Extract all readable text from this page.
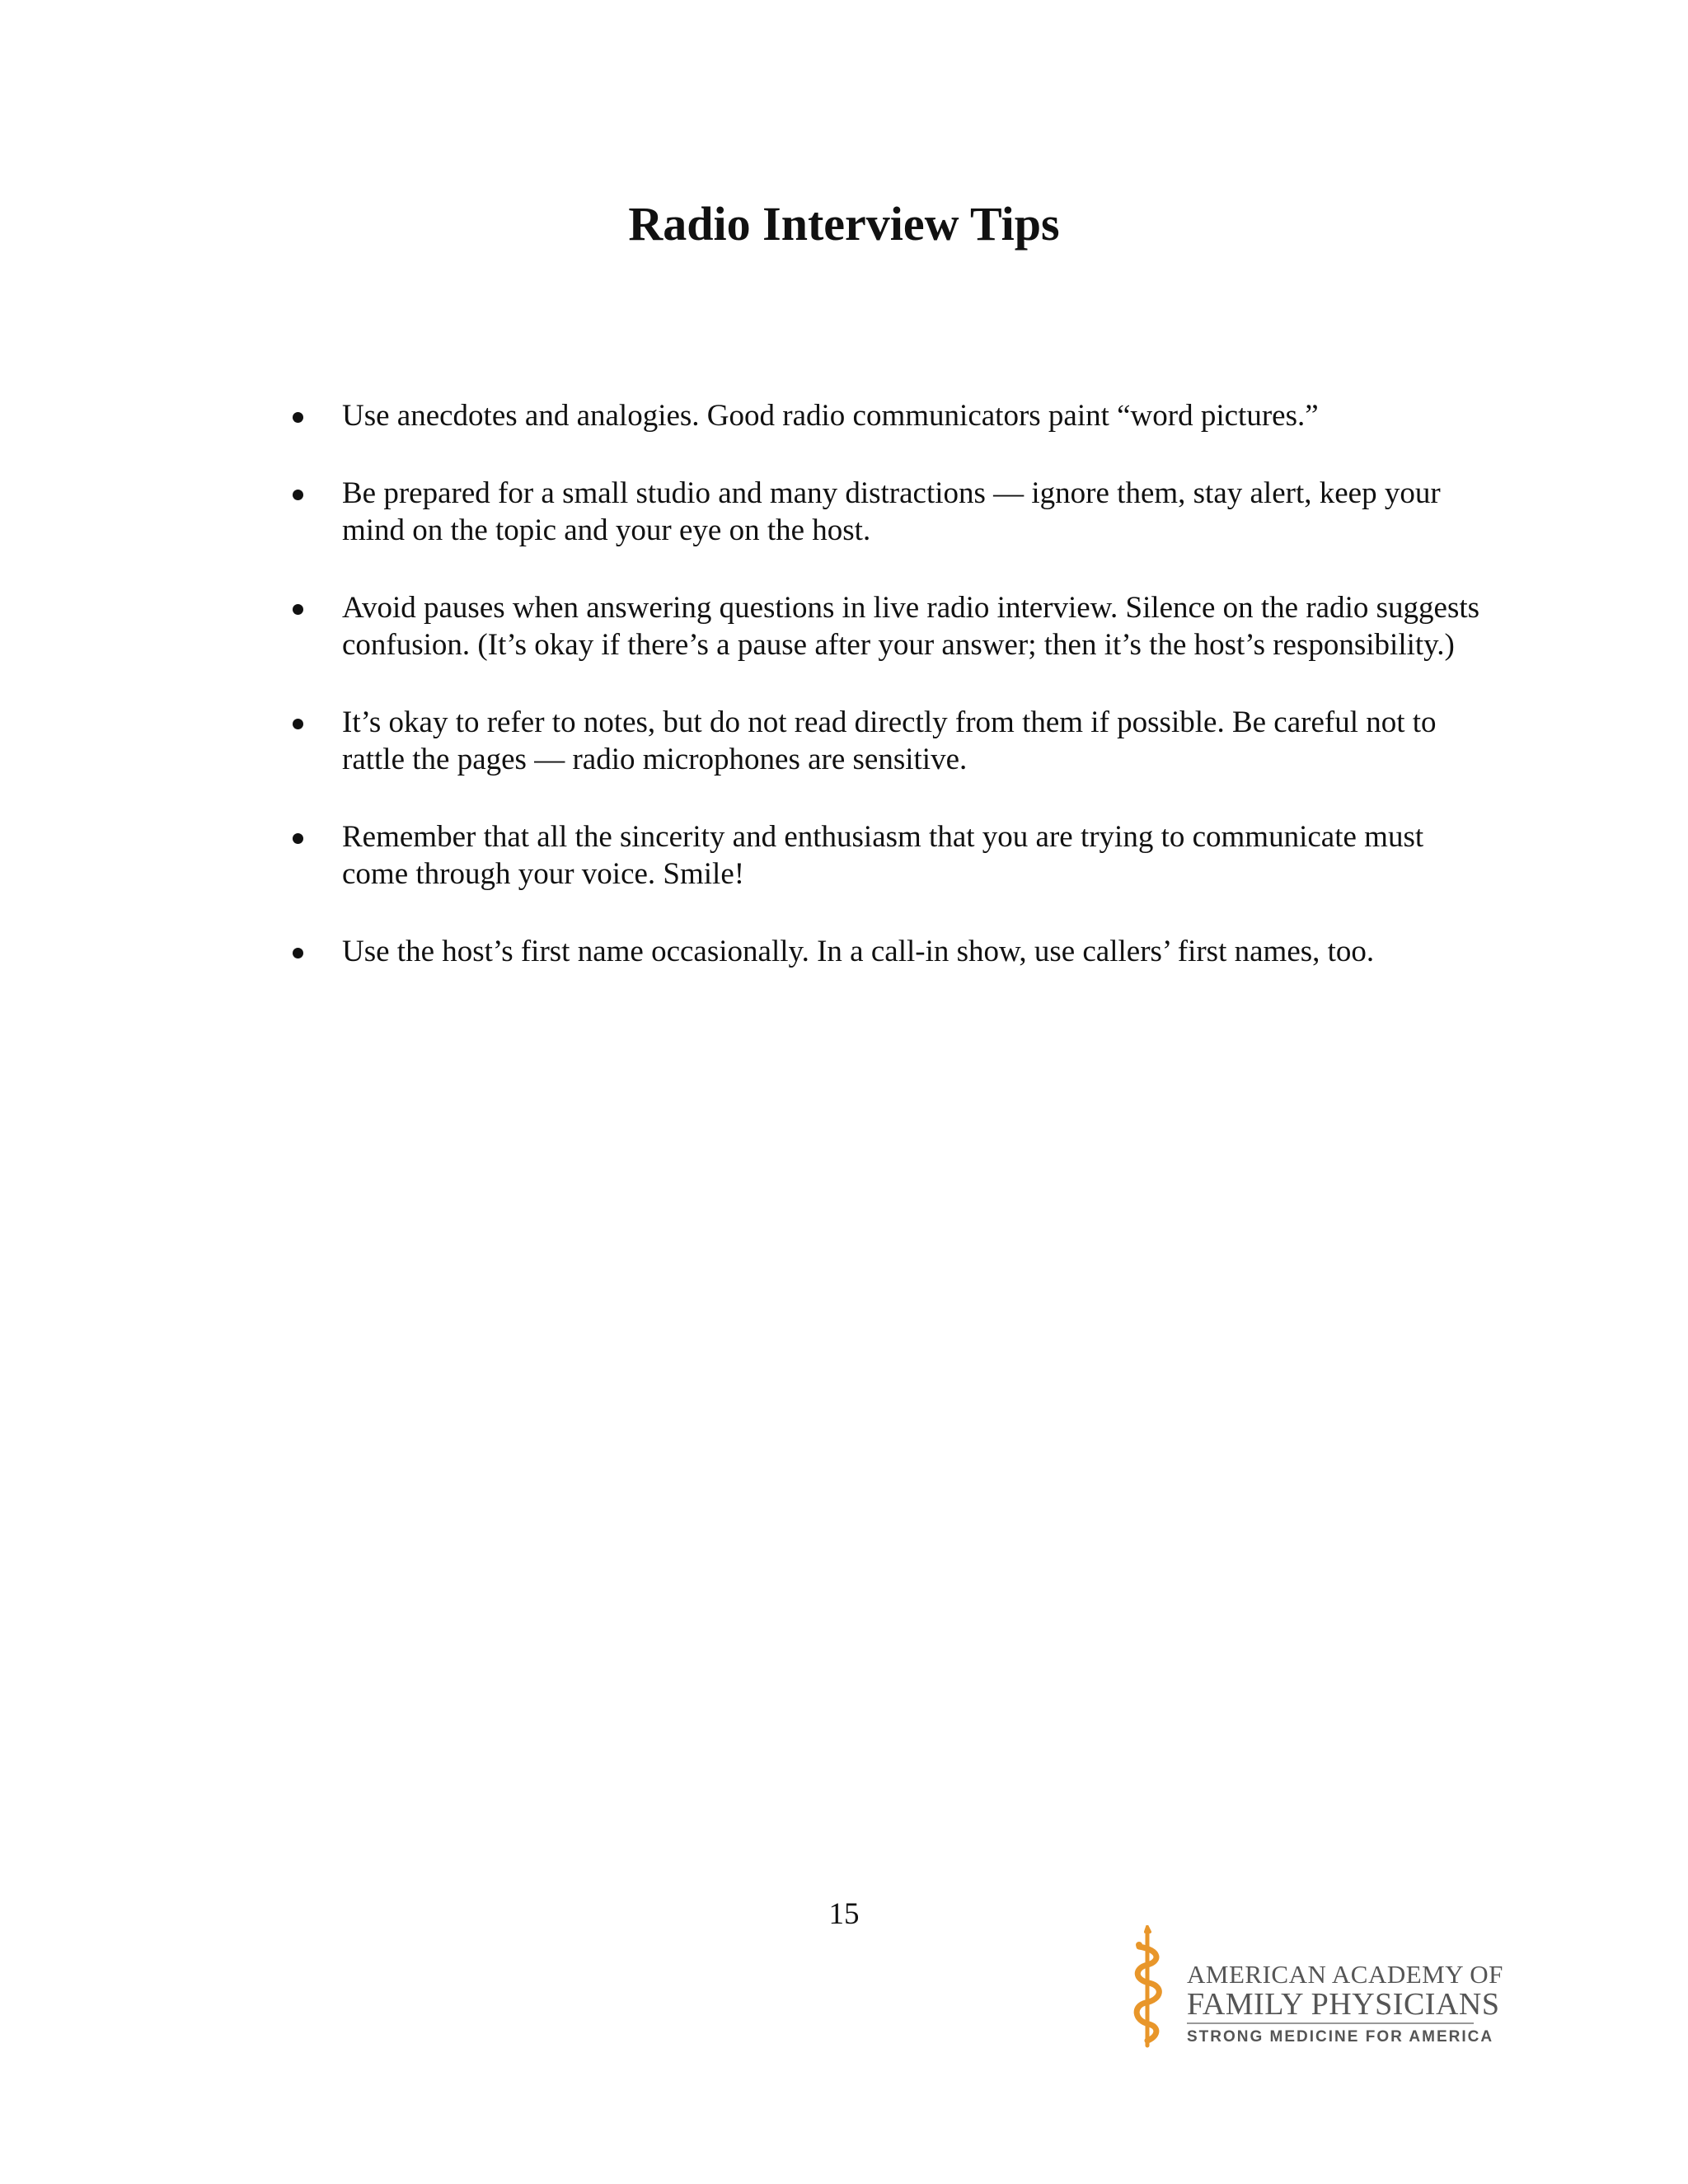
Radio Interview Tips
Use anecdotes and analogies. Good radio communicators paint “word pictures.”
Be prepared for a small studio and many distractions — ignore them, stay alert, keep your mind on the topic and your eye on the host.
Avoid pauses when answering questions in live radio interview. Silence on the radio suggests confusion. (It’s okay if there’s a pause after your answer; then it’s the host’s responsibility.)
It’s okay to refer to notes, but do not read directly from them if possible. Be careful not to rattle the pages — radio microphones are sensitive.
Remember that all the sincerity and enthusiasm that you are trying to communicate must come through your voice. Smile!
Use the host’s first name occasionally. In a call-in show, use callers’ first names, too.
15
AMERICAN ACADEMY OF
FAMILY PHYSICIANS
STRONG MEDICINE FOR AMERICA
